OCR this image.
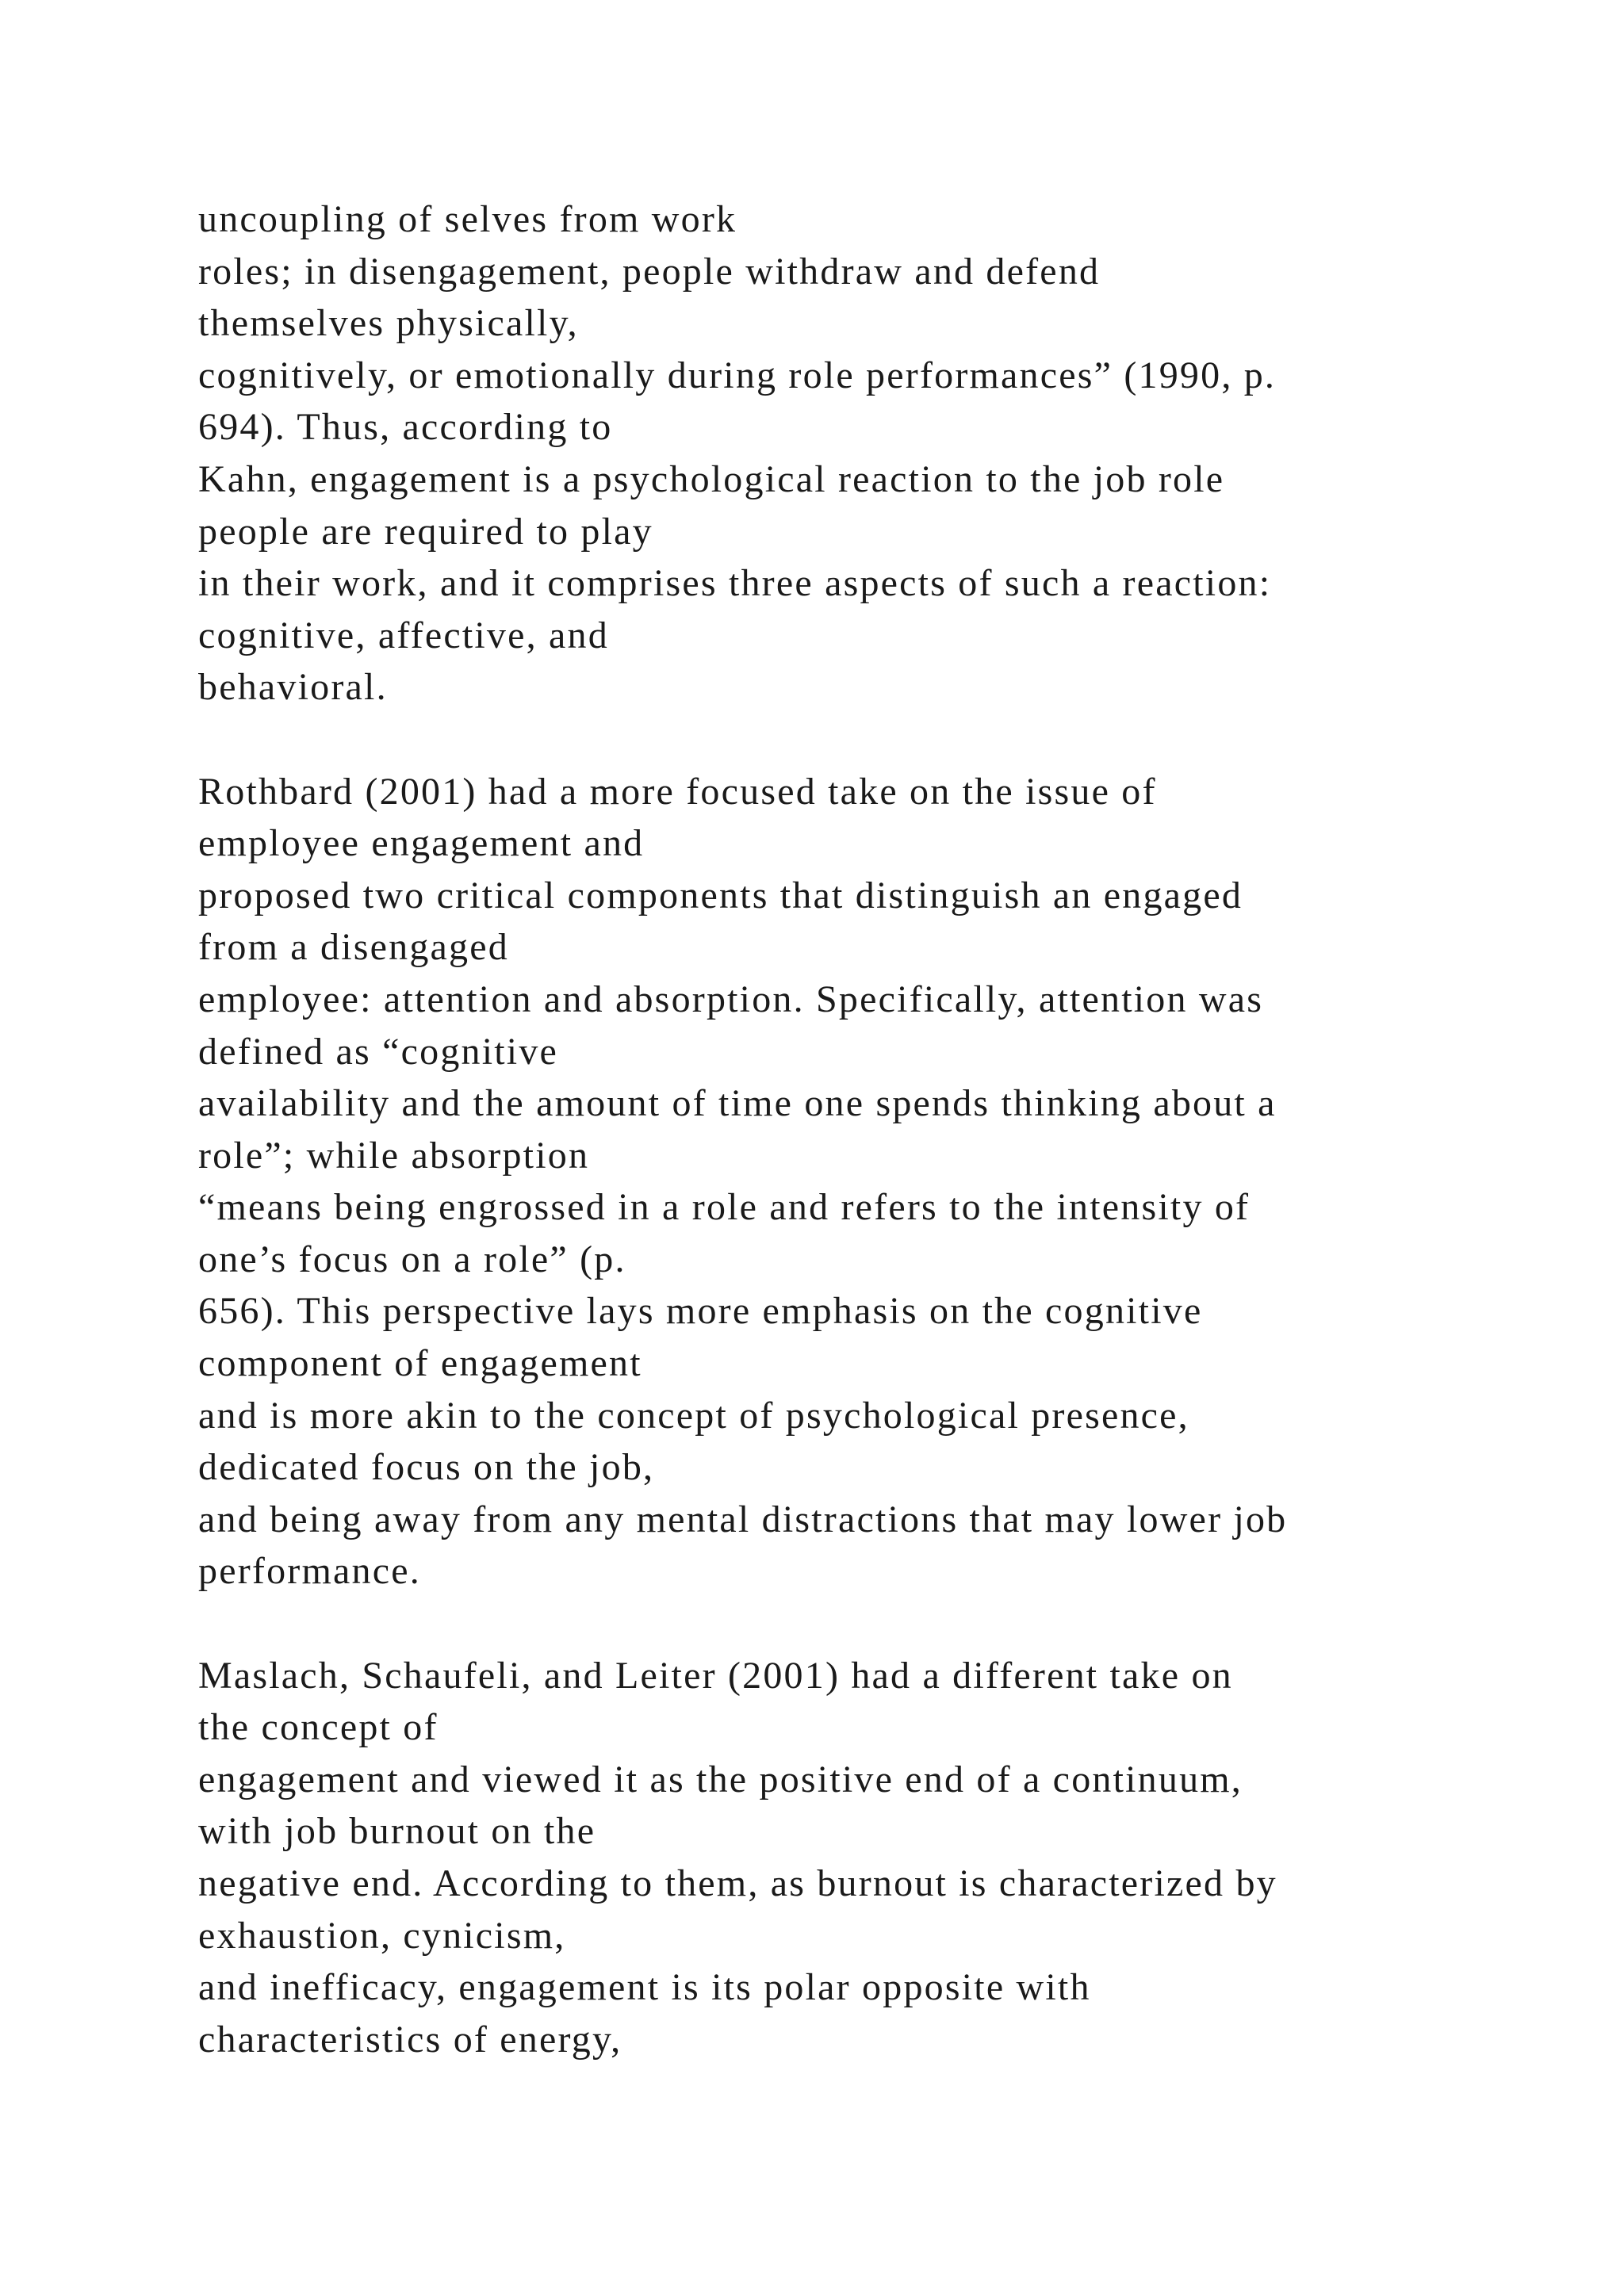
uncoupling of selves from work
roles; in disengagement, people withdraw and defend
themselves physically,
cognitively, or emotionally during role performances” (1990, p.
694). Thus, according to
Kahn, engagement is a psychological reaction to the job role
people are required to play
in their work, and it comprises three aspects of such a reaction:
cognitive, affective, and
behavioral.

Rothbard (2001) had a more focused take on the issue of
employee engagement and
proposed two critical components that distinguish an engaged
from a disengaged
employee: attention and absorption. Specifically, attention was
defined as “cognitive
availability and the amount of time one spends thinking about a
role”; while absorption
“means being engrossed in a role and refers to the intensity of
one’s focus on a role” (p.
656). This perspective lays more emphasis on the cognitive
component of engagement
and is more akin to the concept of psychological presence,
dedicated focus on the job,
and being away from any mental distractions that may lower job
performance.

Maslach, Schaufeli, and Leiter (2001) had a different take on
the concept of
engagement and viewed it as the positive end of a continuum,
with job burnout on the
negative end. According to them, as burnout is characterized by
exhaustion, cynicism,
and inefficacy, engagement is its polar opposite with
characteristics of energy,
